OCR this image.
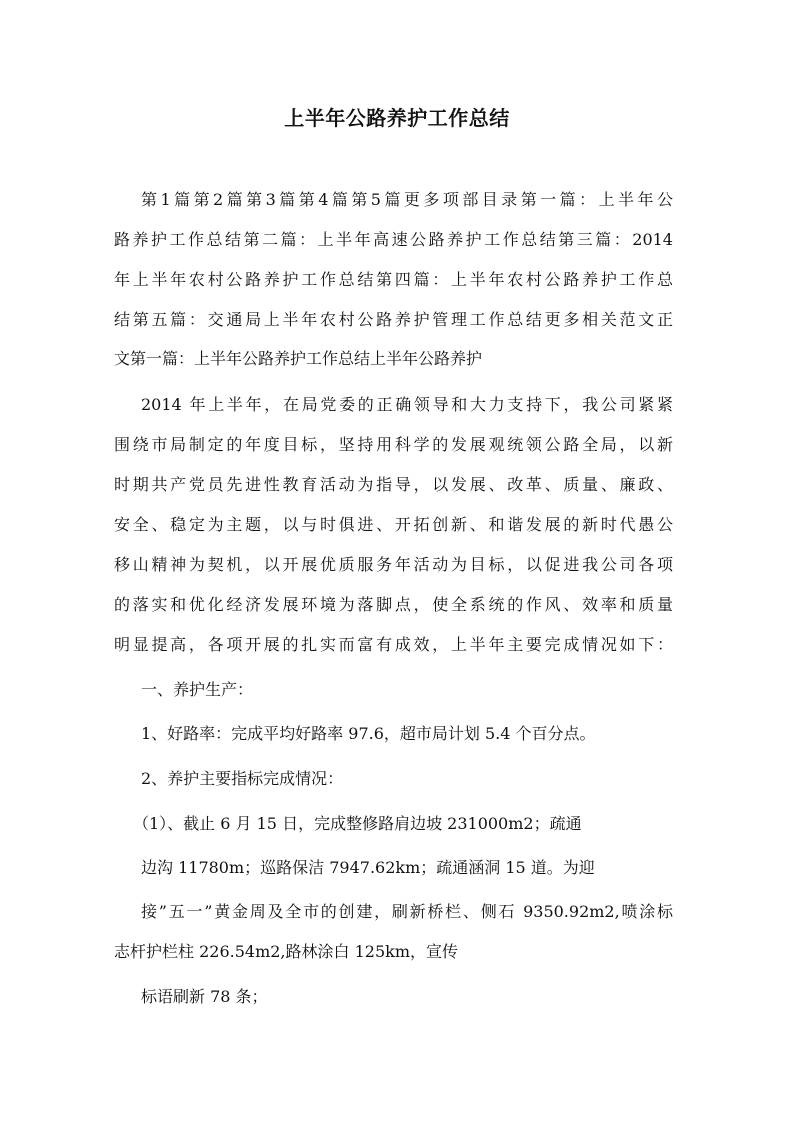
上半年公路养护工作总结
第1篇第2篇第3篇第4篇第5篇更多项部目录第一篇：上半年公
路养护工作总结第二篇：上半年高速公路养护工作总结第三篇：2014
年上半年农村公路养护工作总结第四篇：上半年农村公路养护工作总
结第五篇：交通局上半年农村公路养护管理工作总结更多相关范文正
文第一篇：上半年公路养护工作总结上半年公路养护
2014 年上半年，在局党委的正确领导和大力支持下，我公司紧紧
围绕市局制定的年度目标，坚持用科学的发展观统领公路全局，以新
时期共产党员先进性教育活动为指导，以发展、改革、质量、廉政、
安全、稳定为主题，以与时俱进、开拓创新、和谐发展的新时代愚公
移山精神为契机，以开展优质服务年活动为目标，以促进我公司各项
的落实和优化经济发展环境为落脚点，使全系统的作风、效率和质量
明显提高，各项开展的扎实而富有成效，上半年主要完成情况如下：
一、养护生产：
1、好路率：完成平均好路率 97.6，超市局计划 5.4 个百分点。
2、养护主要指标完成情况：
（1）、截止 6 月 15 日，完成整修路肩边坡 231000m2；疏通
边沟 11780m；巡路保洁 7947.62km；疏通涵洞 15 道。为迎
接”五一”黄金周及全市的创建，刷新桥栏、侧石 9350.92m2,喷涂标
志杆护栏柱 226.54m2,路林涂白 125km，宣传
标语刷新 78 条；
